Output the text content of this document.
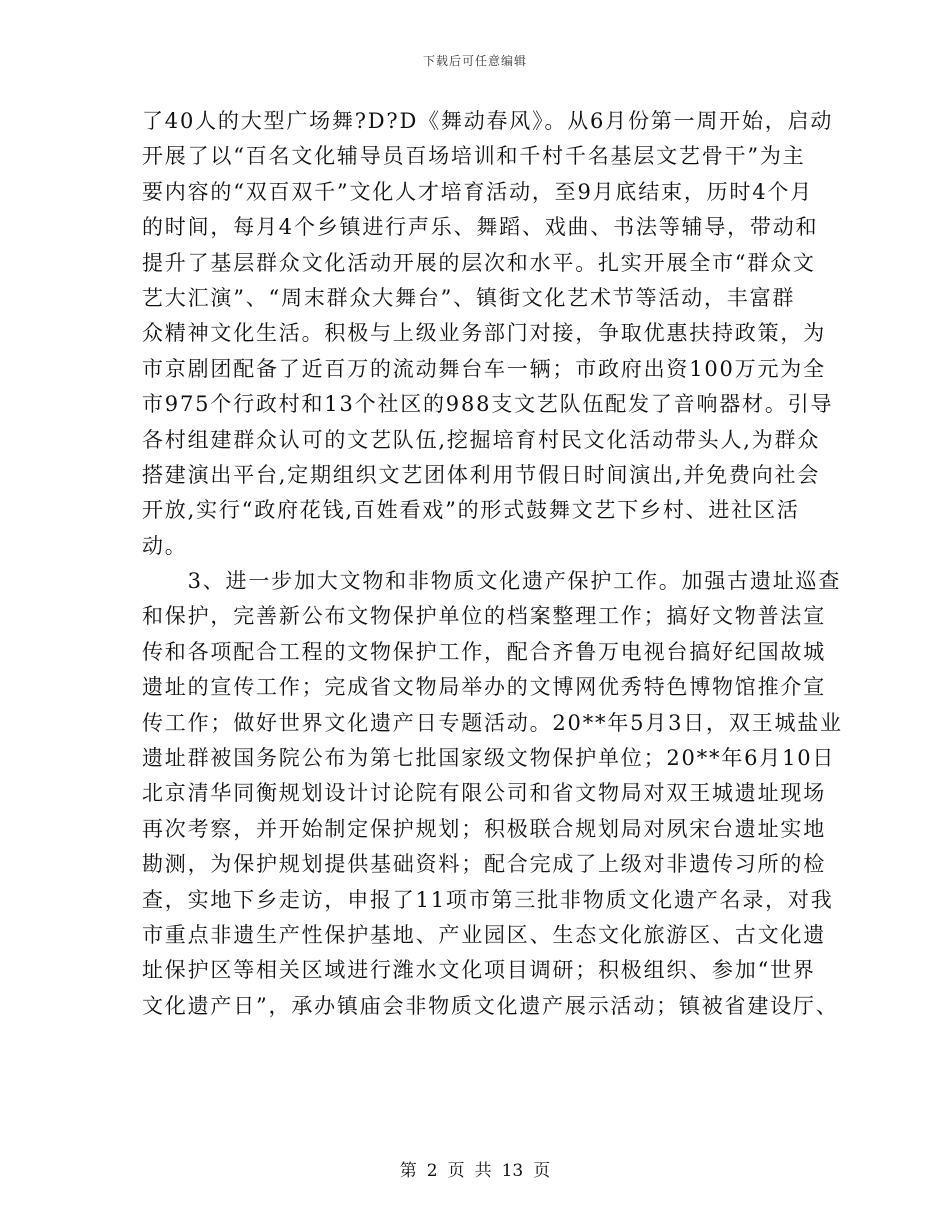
下载后可任意编辑
了40人的大型广场舞?D?D《舞动春风》。从6月份第一周开始，启动
开展了以“百名文化辅导员百场培训和千村千名基层文艺骨干”为主
要内容的“双百双千”文化人才培育活动，至9月底结束，历时4个月
的时间，每月4个乡镇进行声乐、舞蹈、戏曲、书法等辅导，带动和
提升了基层群众文化活动开展的层次和水平。扎实开展全市“群众文
艺大汇演”、“周末群众大舞台”、镇街文化艺术节等活动，丰富群
众精神文化生活。积极与上级业务部门对接，争取优惠扶持政策，为
市京剧团配备了近百万的流动舞台车一辆；市政府出资100万元为全
市975个行政村和13个社区的988支文艺队伍配发了音响器材。引导
各村组建群众认可的文艺队伍,挖掘培育村民文化活动带头人,为群众
搭建演出平台,定期组织文艺团体利用节假日时间演出,并免费向社会
开放,实行“政府花钱,百姓看戏”的形式鼓舞文艺下乡村、进社区活
动。
　　3、进一步加大文物和非物质文化遗产保护工作。加强古遗址巡查
和保护，完善新公布文物保护单位的档案整理工作；搞好文物普法宣
传和各项配合工程的文物保护工作，配合齐鲁万电视台搞好纪国故城
遗址的宣传工作；完成省文物局举办的文博网优秀特色博物馆推介宣
传工作；做好世界文化遗产日专题活动。20**年5月3日，双王城盐业
遗址群被国务院公布为第七批国家级文物保护单位；20**年6月10日
北京清华同衡规划设计讨论院有限公司和省文物局对双王城遗址现场
再次考察，并开始制定保护规划；积极联合规划局对夙宋台遗址实地
勘测，为保护规划提供基础资料；配合完成了上级对非遗传习所的检
查，实地下乡走访，申报了11项市第三批非物质文化遗产名录，对我
市重点非遗生产性保护基地、产业园区、生态文化旅游区、古文化遗
址保护区等相关区域进行潍水文化项目调研；积极组织、参加“世界
文化遗产日”，承办镇庙会非物质文化遗产展示活动；镇被省建设厅、
第 2 页 共 13 页
